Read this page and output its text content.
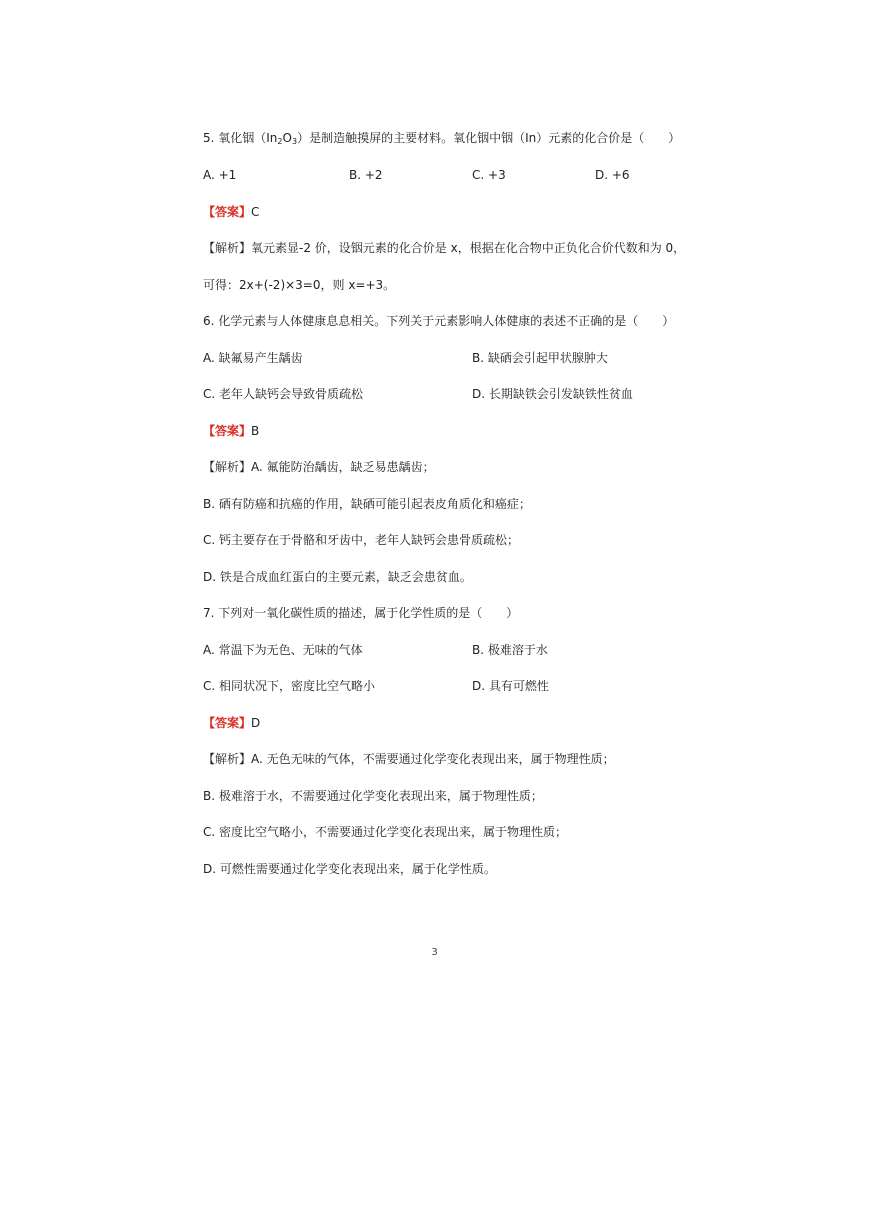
5. 氧化铟$(In_2O_3)$是制造触摸屏的主要材料。氧化铟中铟（In）元素的化合价是（　　）
A. +1	B. +2	C. +3	D. +6
【答案】C
【解析】氧元素显-2 价，设铟元素的化合价是 x，根据在化合物中正负化合价代数和为 0，
可得：2x+(-2)×3=0，则 x=+3。
6. 化学元素与人体健康息息相关。下列关于元素影响人体健康的表述不正确的是（　　）
A. 缺氟易产生龋齿	B. 缺硒会引起甲状腺肿大
C. 老年人缺钙会导致骨质疏松	D. 长期缺铁会引发缺铁性贫血
【答案】B
【解析】A. 氟能防治龋齿，缺乏易患龋齿；
B. 硒有防癌和抗癌的作用，缺硒可能引起表皮角质化和癌症；
C. 钙主要存在于骨骼和牙齿中，老年人缺钙会患骨质疏松；
D. 铁是合成血红蛋白的主要元素，缺乏会患贫血。
7. 下列对一氧化碳性质的描述，属于化学性质的是（　　）
A. 常温下为无色、无味的气体	B. 极难溶于水
C. 相同状况下，密度比空气略小	D. 具有可燃性
【答案】D
【解析】A. 无色无味的气体，不需要通过化学变化表现出来，属于物理性质；
B. 极难溶于水，不需要通过化学变化表现出来，属于物理性质；
C. 密度比空气略小，不需要通过化学变化表现出来，属于物理性质；
D. 可燃性需要通过化学变化表现出来，属于化学性质。
3
